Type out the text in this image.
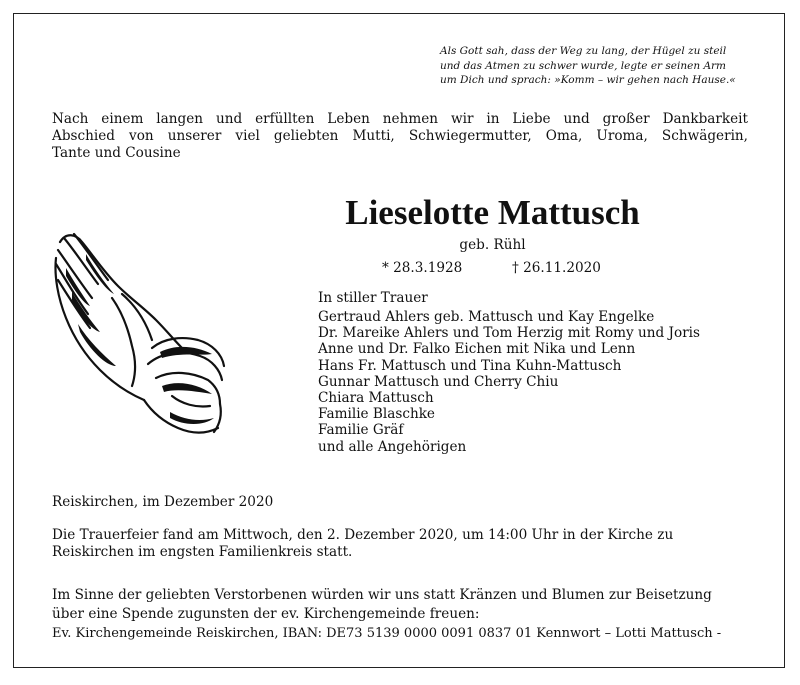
Als Gott sah, dass der Weg zu lang, der Hügel zu steil
und das Atmen zu schwer wurde, legte er seinen Arm
um Dich und sprach: »Komm – wir gehen nach Hause.«
Nach einem langen und erfüllten Leben nehmen wir in Liebe und großer Dankbarkeit
Abschied von unserer viel geliebten Mutti, Schwiegermutter, Oma, Uroma, Schwägerin,
Tante und Cousine
Lieselotte Mattusch
geb. Rühl
* 28.3.1928	† 26.11.2020
In stiller Trauer
Gertraud Ahlers geb. Mattusch und Kay Engelke
Dr. Mareike Ahlers und Tom Herzig mit Romy und Joris
Anne und Dr. Falko Eichen mit Nika und Lenn
Hans Fr. Mattusch und Tina Kuhn-Mattusch
Gunnar Mattusch und Cherry Chiu
Chiara Mattusch
Familie Blaschke
Familie Gräf
und alle Angehörigen
Reiskirchen, im Dezember 2020
Die Trauerfeier fand am Mittwoch, den 2. Dezember 2020, um 14:00 Uhr in der Kirche zu
Reiskirchen im engsten Familienkreis statt.
Im Sinne der geliebten Verstorbenen würden wir uns statt Kränzen und Blumen zur Beisetzung
über eine Spende zugunsten der ev. Kirchengemeinde freuen:
Ev. Kirchengemeinde Reiskirchen, IBAN: DE73 5139 0000 0091 0837 01 Kennwort – Lotti Mattusch -
